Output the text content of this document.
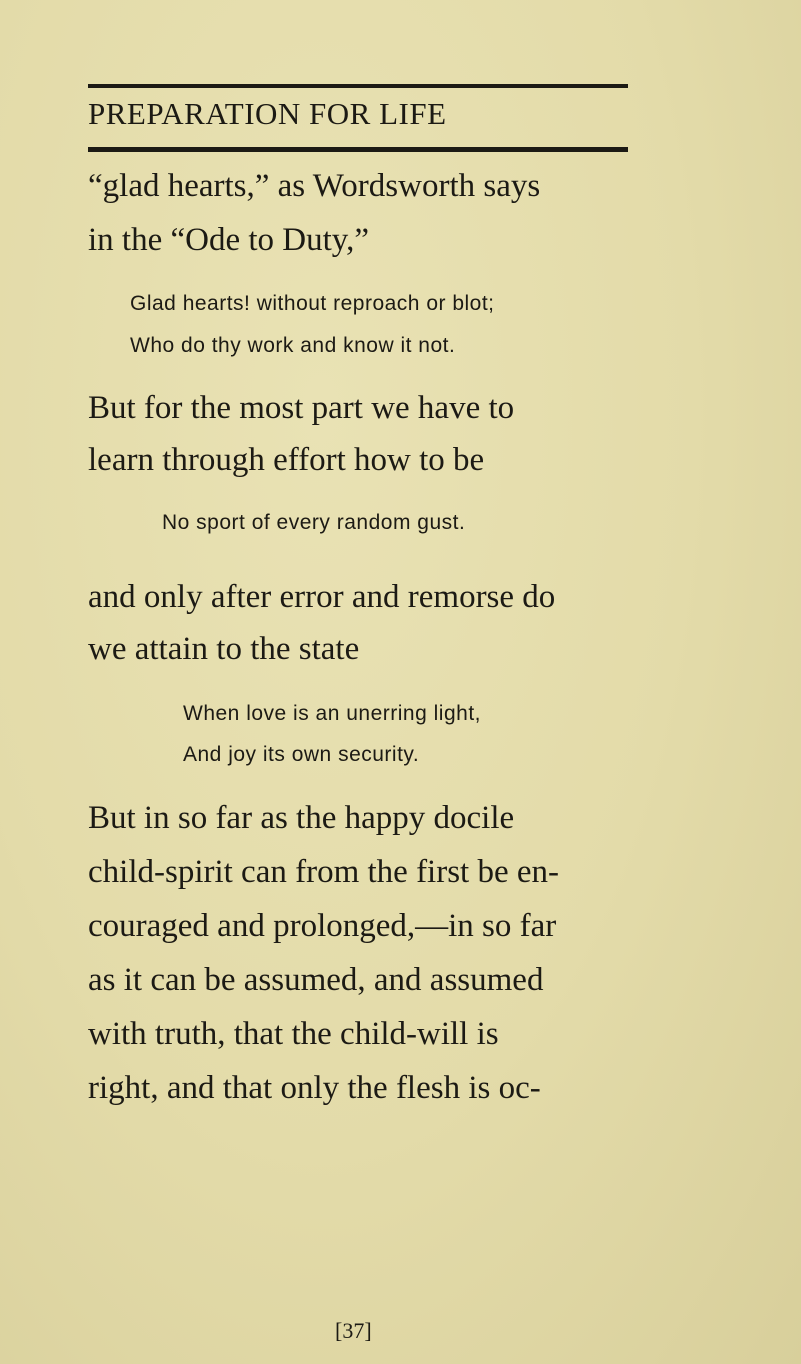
PREPARATION FOR LIFE
“glad hearts,” as Wordsworth says
in the “Ode to Duty,”
Glad hearts! without reproach or blot;
Who do thy work and know it not.
But for the most part we have to
learn through effort how to be
No sport of every random gust.
and only after error and remorse do
we attain to the state
When love is an unerring light,
And joy its own security.
But in so far as the happy docile
child-spirit can from the first be en-
couraged and prolonged,—in so far
as it can be assumed, and assumed
with truth, that the child-will is
right, and that only the flesh is oc-
[37]
